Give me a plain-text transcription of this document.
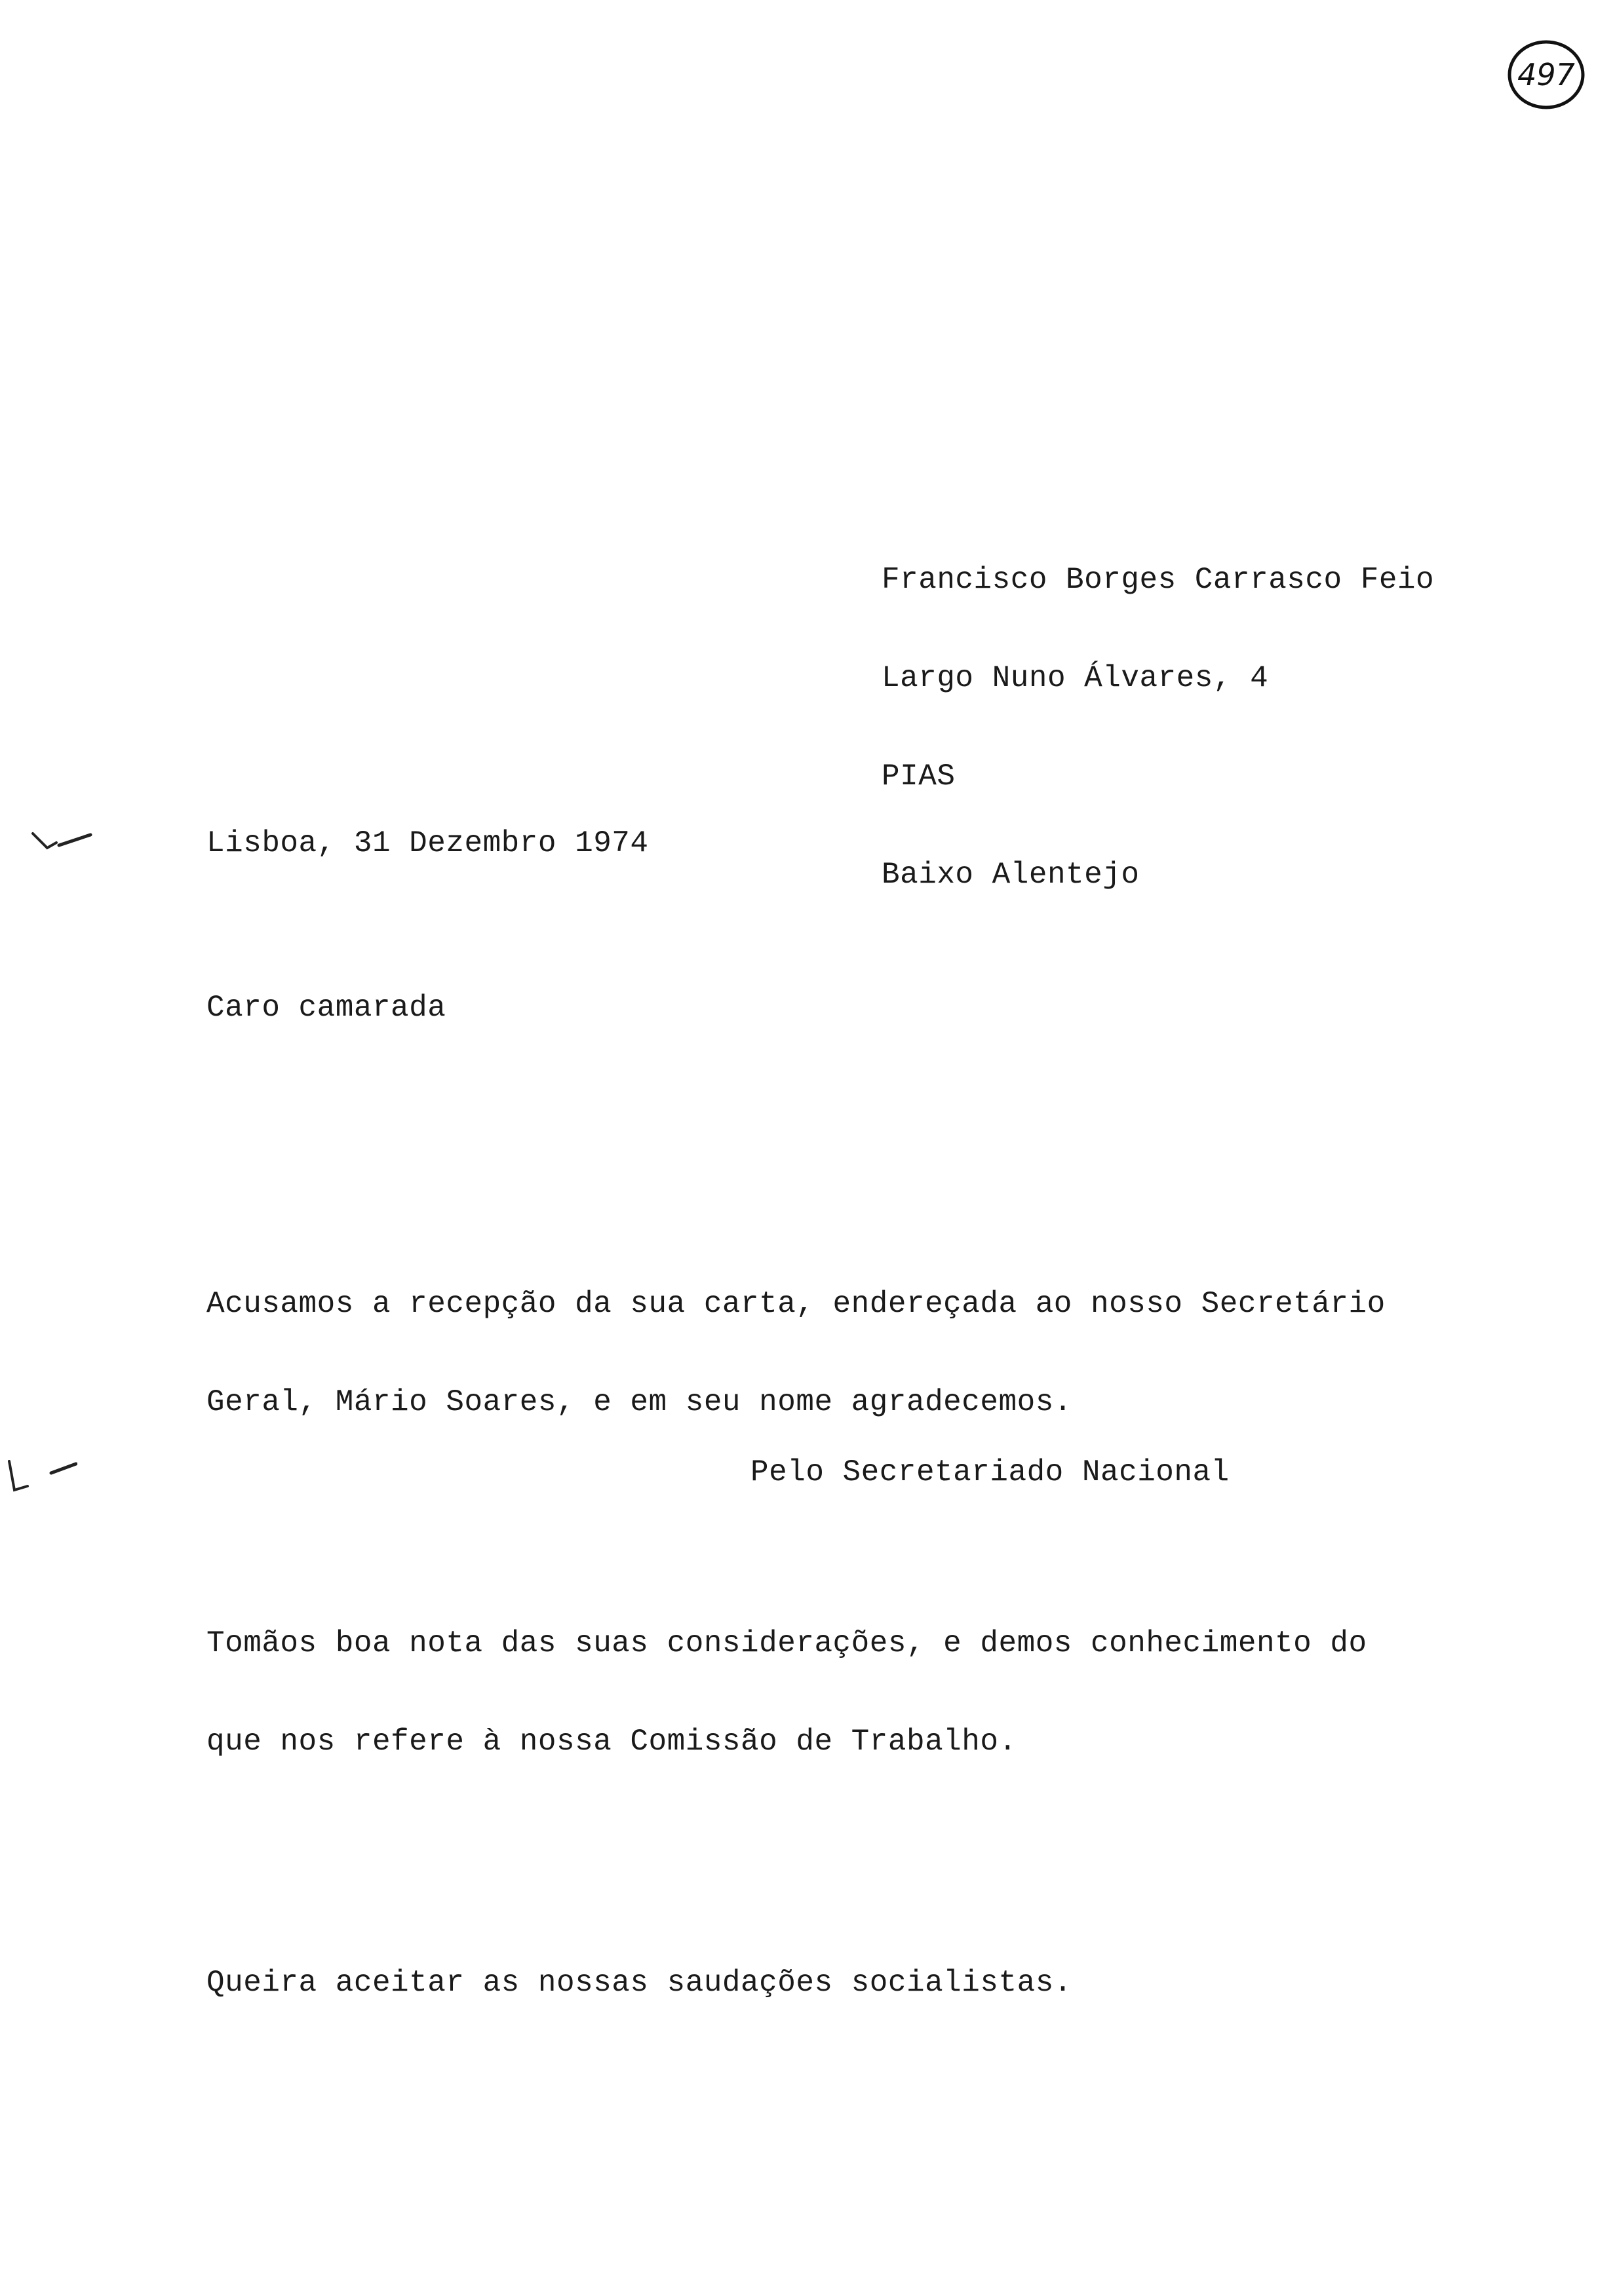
497

Francisco Borges Carrasco Feio

Largo Nuno Álvares, 4

PIAS

Baixo Alentejo

Lisboa, 31 Dezembro 1974
Caro camarada

Acusamos a recepção da sua carta, endereçada ao nosso Secretário

Geral, Mário Soares, e em seu nome agradecemos.

Tomãos boa nota das suas considerações, e demos conhecimento do

que nos refere à nossa Comissão de Trabalho.

Queira aceitar as nossas saudações socialistas.

Pelo Secretariado Nacional
